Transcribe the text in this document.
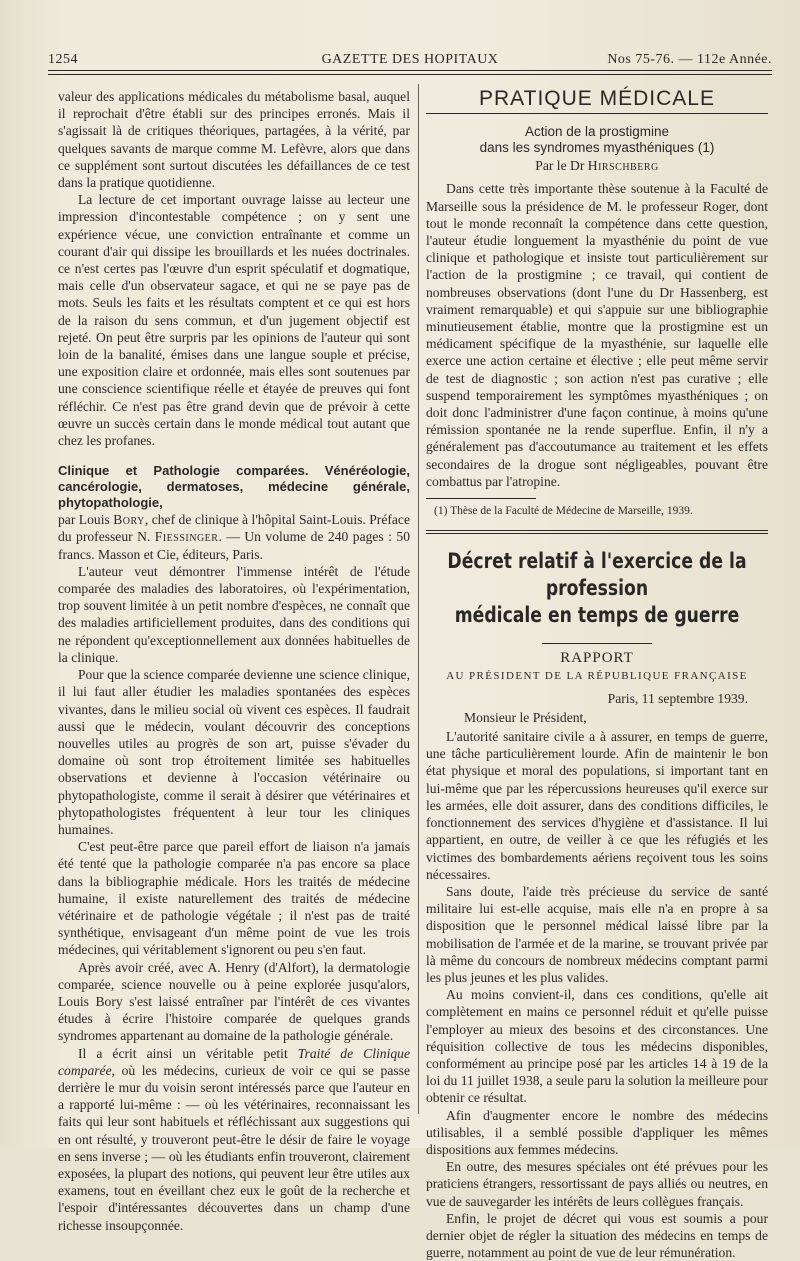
1254	GAZETTE DES HOPITAUX	Nos 75-76. — 112e Année.

valeur des applications médicales du métabolisme basal, auquel il reprochait d'être établi sur des principes erronés. Mais il s'agissait là de critiques théoriques, partagées, à la vérité, par quelques savants de marque comme M. Lefèvre, alors que dans ce supplément sont surtout discutées les défaillances de ce test dans la pratique quotidienne.

La lecture de cet important ouvrage laisse au lecteur une impression d'incontestable compétence ; on y sent une expérience vécue, une conviction entraînante et comme un courant d'air qui dissipe les brouillards et les nuées doctrinales. ce n'est certes pas l'œuvre d'un esprit spéculatif et dogmatique, mais celle d'un observateur sagace, et qui ne se paye pas de mots. Seuls les faits et les résultats comptent et ce qui est hors de la raison du sens commun, et d'un jugement objectif est rejeté. On peut être surpris par les opinions de l'auteur qui sont loin de la banalité, émises dans une langue souple et précise, une exposition claire et ordonnée, mais elles sont soutenues par une conscience scientifique réelle et étayée de preuves qui font réfléchir. Ce n'est pas être grand devin que de prévoir à cette œuvre un succès certain dans le monde médical tout autant que chez les profanes.

Clinique et Pathologie comparées. Vénéréologie, cancérologie, dermatoses, médecine générale, phytopathologie,
par Louis Bory, chef de clinique à l'hôpital Saint-Louis. Préface du professeur N. Fiessinger. — Un volume de 240 pages : 50 francs. Masson et Cie, éditeurs, Paris.

L'auteur veut démontrer l'immense intérêt de l'étude comparée des maladies des laboratoires, où l'expérimentation, trop souvent limitée à un petit nombre d'espèces, ne connaît que des maladies artificiellement produites, dans des conditions qui ne répondent qu'exceptionnellement aux données habituelles de la clinique.

Pour que la science comparée devienne une science clinique, il lui faut aller étudier les maladies spontanées des espèces vivantes, dans le milieu social où vivent ces espèces. Il faudrait aussi que le médecin, voulant découvrir des conceptions nouvelles utiles au progrès de son art, puisse s'évader du domaine où sont trop étroitement limitée ses habituelles observations et devienne à l'occasion vétérinaire ou phytopathologiste, comme il serait à désirer que vétérinaires et phytopathologistes fréquentent à leur tour les cliniques humaines.

C'est peut-être parce que pareil effort de liaison n'a jamais été tenté que la pathologie comparée n'a pas encore sa place dans la bibliographie médicale. Hors les traités de médecine humaine, il existe naturellement des traités de médecine vétérinaire et de pathologie végétale ; il n'est pas de traité synthétique, envisageant d'un même point de vue les trois médecines, qui véritablement s'ignorent ou peu s'en faut.

Après avoir créé, avec A. Henry (d'Alfort), la dermatologie comparée, science nouvelle ou à peine explorée jusqu'alors, Louis Bory s'est laissé entraîner par l'intérêt de ces vivantes études à écrire l'histoire comparée de quelques grands syndromes appartenant au domaine de la pathologie générale.

Il a écrit ainsi un véritable petit Traité de Clinique comparée, où les médecins, curieux de voir ce qui se passe derrière le mur du voisin seront intéressés parce que l'auteur en a rapporté lui-même : — où les vétérinaires, reconnaissant les faits qui leur sont habituels et réfléchissant aux suggestions qui en ont résulté, y trouveront peut-être le désir de faire le voyage en sens inverse ; — où les étudiants enfin trouveront, clairement exposées, la plupart des notions, qui peuvent leur être utiles aux examens, tout en éveillant chez eux le goût de la recherche et l'espoir d'intéressantes découvertes dans un champ d'une richesse insoupçonnée.

PRATIQUE MÉDICALE
Action de la prostigmine
dans les syndromes myasthéniques (1)
Par le Dr Hirschberg

Dans cette très importante thèse soutenue à la Faculté de Marseille sous la présidence de M. le professeur Roger, dont tout le monde reconnaît la compétence dans cette question, l'auteur étudie longuement la myasthénie du point de vue clinique et pathologique et insiste tout particulièrement sur l'action de la prostigmine ; ce travail, qui contient de nombreuses observations (dont l'une du Dr Hassenberg, est vraiment remarquable) et qui s'appuie sur une bibliographie minutieusement établie, montre que la prostigmine est un médicament spécifique de la myasthénie, sur laquelle elle exerce une action certaine et élective ; elle peut même servir de test de diagnostic ; son action n'est pas curative ; elle suspend temporairement les symptômes myasthéniques ; on doit donc l'administrer d'une façon continue, à moins qu'une rémission spontanée ne la rende superflue. Enfin, il n'y a généralement pas d'accoutumance au traitement et les effets secondaires de la drogue sont négligeables, pouvant être combattus par l'atropine.

(1) Thèse de la Faculté de Médecine de Marseille, 1939.

Décret relatif à l'exercice de la profession
médicale en temps de guerre
RAPPORT
AU PRÉSIDENT DE LA RÉPUBLIQUE FRANÇAISE
Paris, 11 septembre 1939.

Monsieur le Président,

L'autorité sanitaire civile a à assurer, en temps de guerre, une tâche particulièrement lourde. Afin de maintenir le bon état physique et moral des populations, si important tant en lui-même que par les répercussions heureuses qu'il exerce sur les armées, elle doit assurer, dans des conditions difficiles, le fonctionnement des services d'hygiène et d'assistance. Il lui appartient, en outre, de veiller à ce que les réfugiés et les victimes des bombardements aériens reçoivent tous les soins nécessaires.

Sans doute, l'aide très précieuse du service de santé militaire lui est-elle acquise, mais elle n'a en propre à sa disposition que le personnel médical laissé libre par la mobilisation de l'armée et de la marine, se trouvant privée par là même du concours de nombreux médecins comptant parmi les plus jeunes et les plus valides.

Au moins convient-il, dans ces conditions, qu'elle ait complètement en mains ce personnel réduit et qu'elle puisse l'employer au mieux des besoins et des circonstances. Une réquisition collective de tous les médecins disponibles, conformément au principe posé par les articles 14 à 19 de la loi du 11 juillet 1938, a seule paru la solution la meilleure pour obtenir ce résultat.

Afin d'augmenter encore le nombre des médecins utilisables, il a semblé possible d'appliquer les mêmes dispositions aux femmes médecins.

En outre, des mesures spéciales ont été prévues pour les praticiens étrangers, ressortissant de pays alliés ou neutres, en vue de sauvegarder les intérêts de leurs collègues français.

Enfin, le projet de décret qui vous est soumis a pour dernier objet de régler la situation des médecins en temps de guerre, notamment au point de vue de leur rémunération.
